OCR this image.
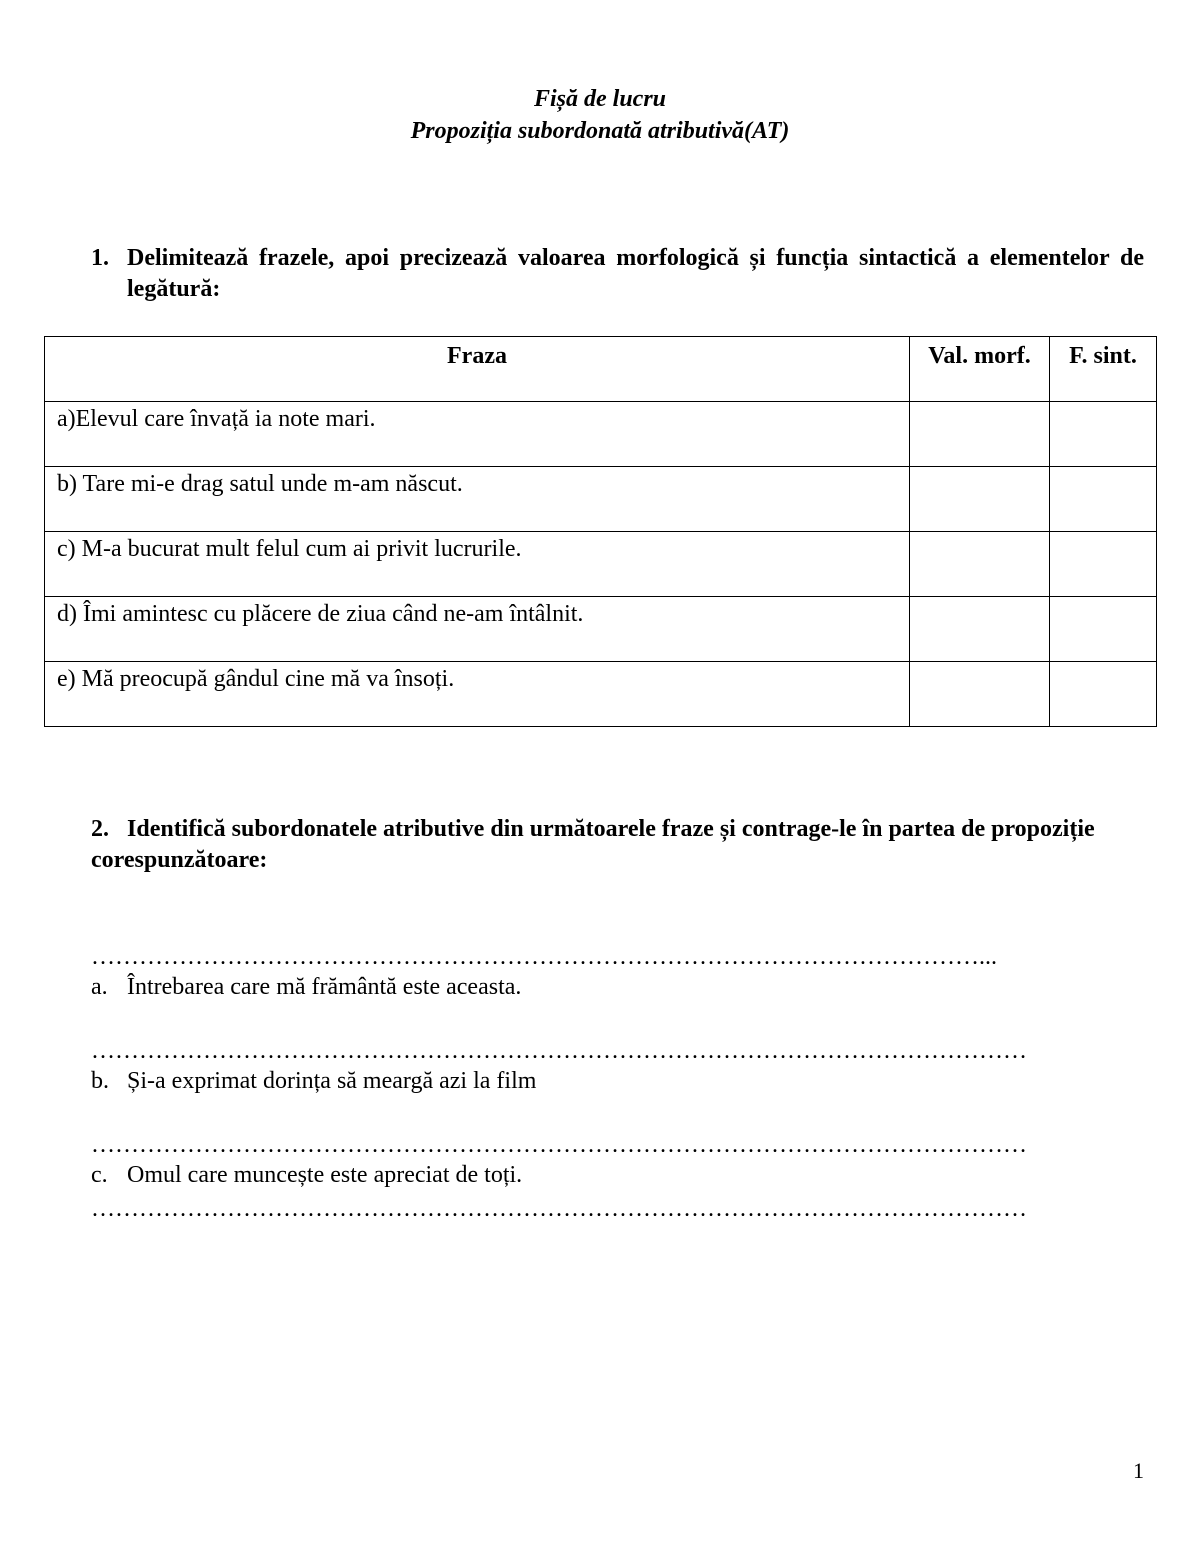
Fișă de lucru
Propoziția subordonată atributivă(AT)
1. Delimitează frazele, apoi precizează valoarea morfologică și funcția sintactică a elementelor de legătură:
Fraza	Val. morf.	F. sint.
a)Elevul care învață ia note mari.		
b) Tare mi-e drag satul unde m-am născut.		
c) M-a bucurat mult felul cum ai privit lucrurile.		
d) Îmi amintesc cu plăcere de ziua când ne-am întâlnit.		
e) Mă preocupă gândul cine mă va însoți.		
2. Identifică subordonatele atributive din următoarele fraze și contrage-le în partea de propoziție corespunzătoare:
…………………………………………………………………………………………………...
a. Întrebarea care mă frământă este aceasta.
………………………………………………………………………………………………………
b. Și-a exprimat dorința să meargă azi la film
………………………………………………………………………………………………………
c. Omul care muncește este apreciat de toți.
………………………………………………………………………………………………………
1
